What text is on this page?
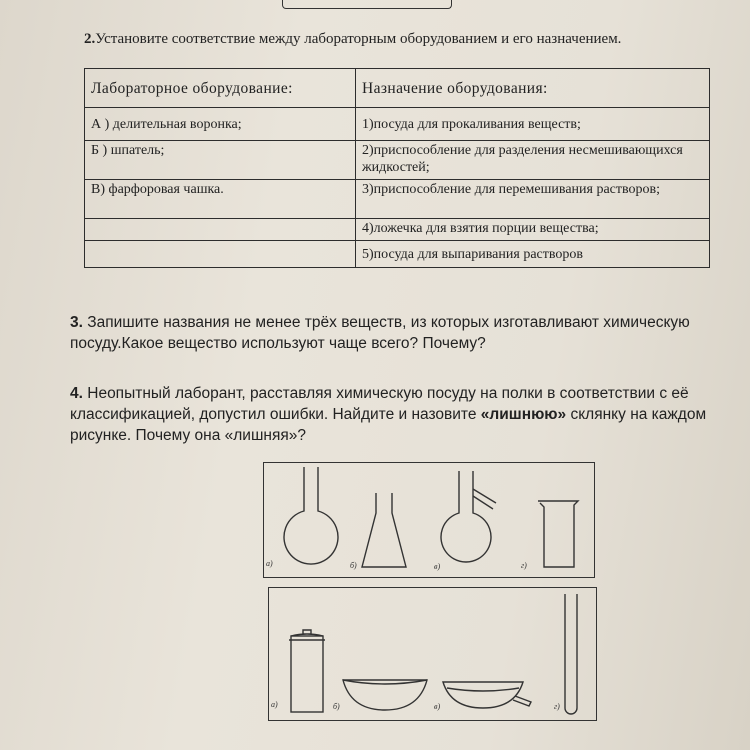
2.Установите соответствие между лабораторным оборудованием и его назначением.
Лабораторное оборудование:	Назначение оборудования:
А ) делительная воронка;	1)посуда для прокаливания веществ;
Б ) шпатель;	2)приспособление для разделения несмешивающихся жидкостей;
В) фарфоровая чашка.	3)приспособление для перемешивания растворов;
	4)ложечка для взятия порции вещества;
	5)посуда для выпаривания растворов
3. Запишите названия не менее трёх веществ, из которых изготавливают химическую посуду.Какое вещество используют чаще всего? Почему?
4. Неопытный лаборант, расставляя химическую посуду на полки в соответствии с её классификацией, допустил ошибки. Найдите и назовите «лишнюю» склянку на каждом рисунке. Почему она «лишняя»?
а)	б)	в)	г)
а)	б)	в)	г)
